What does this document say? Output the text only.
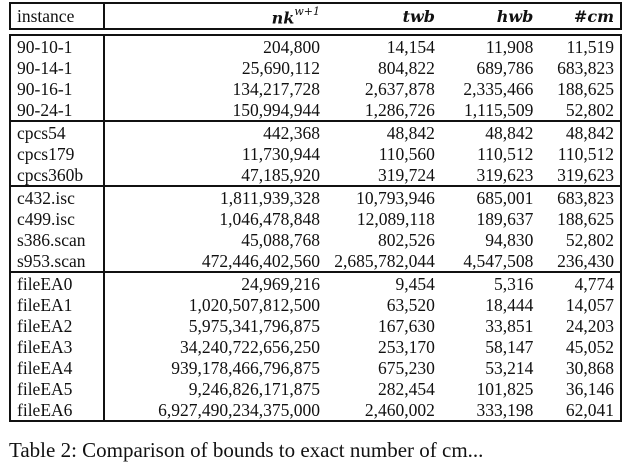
instance	$nk^{w+1}$	twb	hwb	#cm

90-10-1	204,800	14,154	11,908	11,519
90-14-1	25,690,112	804,822	689,786	683,823
90-16-1	134,217,728	2,637,878	2,335,466	188,625
90-24-1	150,994,944	1,286,726	1,115,509	52,802
cpcs54	442,368	48,842	48,842	48,842
cpcs179	11,730,944	110,560	110,512	110,512
cpcs360b	47,185,920	319,724	319,623	319,623
c432.isc	1,811,939,328	10,793,946	685,001	683,823
c499.isc	1,046,478,848	12,089,118	189,637	188,625
s386.scan	45,088,768	802,526	94,830	52,802
s953.scan	472,446,402,560	2,685,782,044	4,547,508	236,430
fileEA0	24,969,216	9,454	5,316	4,774
fileEA1	1,020,507,812,500	63,520	18,444	14,057
fileEA2	5,975,341,796,875	167,630	33,851	24,203
fileEA3	34,240,722,656,250	253,170	58,147	45,052
fileEA4	939,178,466,796,875	675,230	53,214	30,868
fileEA5	9,246,826,171,875	282,454	101,825	36,146
fileEA6	6,927,490,234,375,000	2,460,002	333,198	62,041
Table 2: Comparison of bounds to exact number of cm...
